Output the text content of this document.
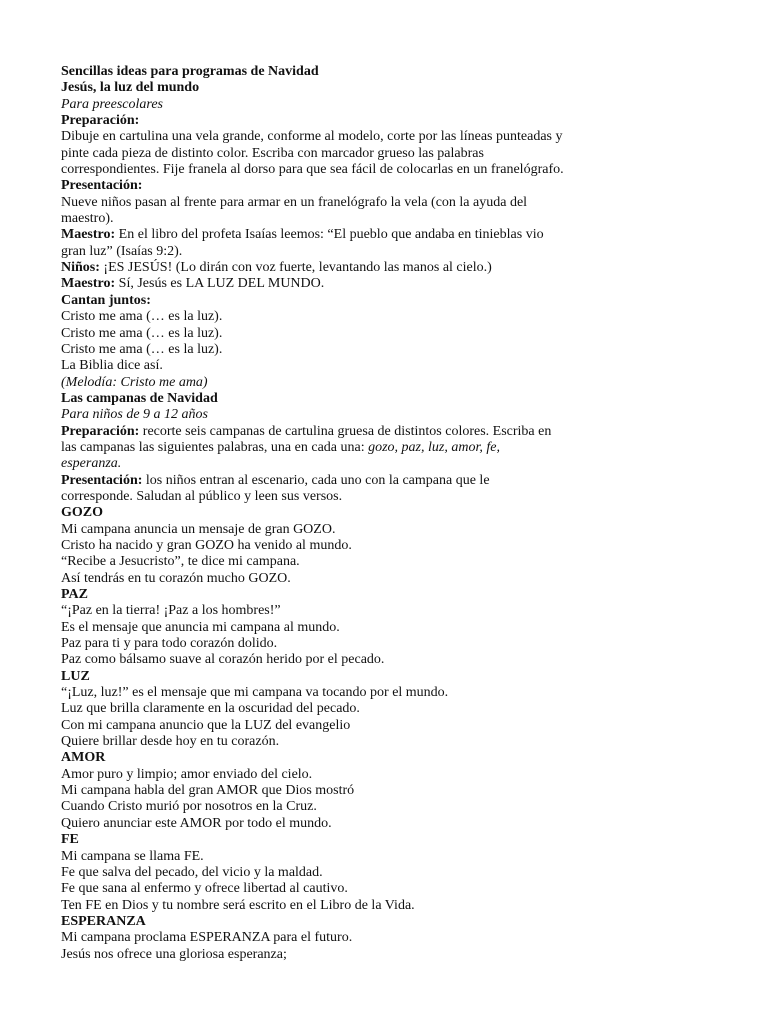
Sencillas ideas para programas de Navidad
Jesús, la luz del mundo
Para preescolares
Preparación:
Dibuje en cartulina una vela grande, conforme al modelo, corte por las líneas punteadas y
pinte cada pieza de distinto color. Escriba con marcador grueso las palabras
correspondientes. Fije franela al dorso para que sea fácil de colocarlas en un franelógrafo.
Presentación:
Nueve niños pasan al frente para armar en un franelógrafo la vela (con la ayuda del
maestro).
Maestro: En el libro del profeta Isaías leemos: “El pueblo que andaba en tinieblas vio
gran luz” (Isaías 9:2).
Niños: ¡ES JESÚS! (Lo dirán con voz fuerte, levantando las manos al cielo.)
Maestro: Sí, Jesús es LA LUZ DEL MUNDO.
Cantan juntos:
Cristo me ama (… es la luz).
Cristo me ama (… es la luz).
Cristo me ama (… es la luz).
La Biblia dice así.
(Melodía: Cristo me ama)
Las campanas de Navidad
Para niños de 9 a 12 años
Preparación: recorte seis campanas de cartulina gruesa de distintos colores. Escriba en
las campanas las siguientes palabras, una en cada una: gozo, paz, luz, amor, fe,
esperanza.
Presentación: los niños entran al escenario, cada uno con la campana que le
corresponde. Saludan al público y leen sus versos.
GOZO
Mi campana anuncia un mensaje de gran GOZO.
Cristo ha nacido y gran GOZO ha venido al mundo.
“Recibe a Jesucristo”, te dice mi campana.
Así tendrás en tu corazón mucho GOZO.
PAZ
“¡Paz en la tierra! ¡Paz a los hombres!”
Es el mensaje que anuncia mi campana al mundo.
Paz para ti y para todo corazón dolido.
Paz como bálsamo suave al corazón herido por el pecado.
LUZ
“¡Luz, luz!” es el mensaje que mi campana va tocando por el mundo.
Luz que brilla claramente en la oscuridad del pecado.
Con mi campana anuncio que la LUZ del evangelio
Quiere brillar desde hoy en tu corazón.
AMOR
Amor puro y limpio; amor enviado del cielo.
Mi campana habla del gran AMOR que Dios mostró
Cuando Cristo murió por nosotros en la Cruz.
Quiero anunciar este AMOR por todo el mundo.
FE
Mi campana se llama FE.
Fe que salva del pecado, del vicio y la maldad.
Fe que sana al enfermo y ofrece libertad al cautivo.
Ten FE en Dios y tu nombre será escrito en el Libro de la Vida.
ESPERANZA
Mi campana proclama ESPERANZA para el futuro.
Jesús nos ofrece una gloriosa esperanza;
